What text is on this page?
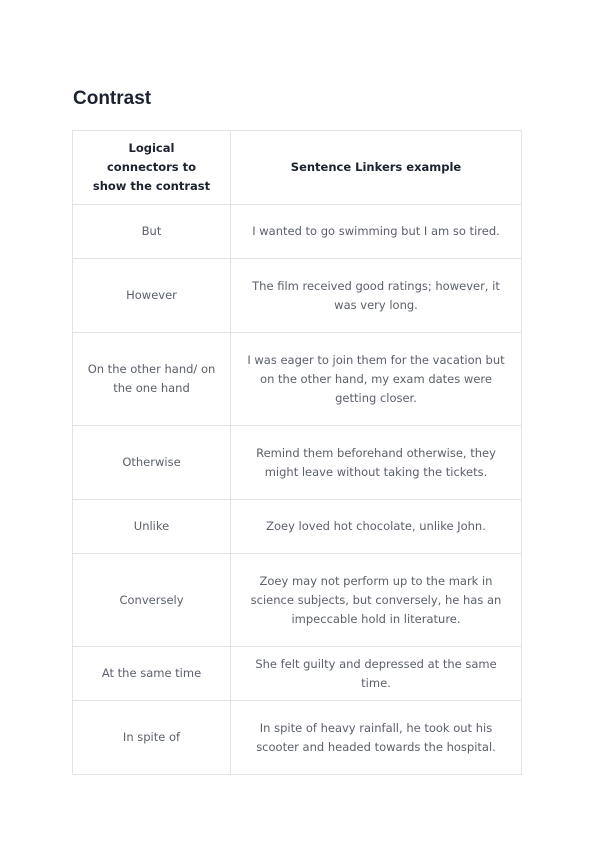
Contrast
Logical connectors to show the contrast	Sentence Linkers example
But	I wanted to go swimming but I am so tired.
However	The film received good ratings; however, it was very long.
On the other hand/ on the one hand	I was eager to join them for the vacation but on the other hand, my exam dates were getting closer.
Otherwise	Remind them beforehand otherwise, they might leave without taking the tickets.
Unlike	Zoey loved hot chocolate, unlike John.
Conversely	Zoey may not perform up to the mark in science subjects, but conversely, he has an impeccable hold in literature.
At the same time	She felt guilty and depressed at the same time.
In spite of	In spite of heavy rainfall, he took out his scooter and headed towards the hospital.
